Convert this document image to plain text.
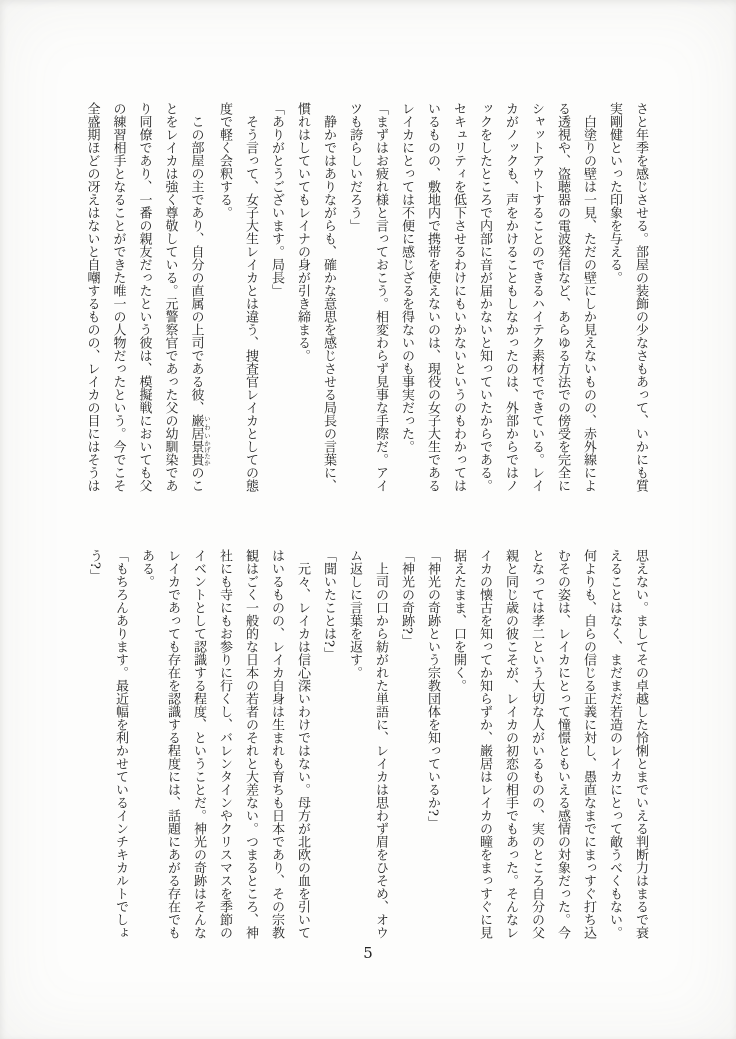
さと年季を感じさせる。部屋の装飾の少なさもあって、いかにも質

実剛健といった印象を与える。

白塗りの壁は一見、ただの壁にしか見えないものの、赤外線によ

る透視や、盗聴器の電波発信など、あらゆる方法での傍受を完全に

シャットアウトすることのできるハイテク素材でできている。レイ

カがノックも、声をかけることもしなかったのは、外部からではノ

ックをしたところで内部に音が届かないと知っていたからである。

セキュリティを低下させるわけにもいかないというのもわかっては

いるものの、敷地内で携帯を使えないのは、現役の女子大生である

レイカにとっては不便に感じざるを得ないのも事実だった。

「まずはお疲れ様と言っておこう。相変わらず見事な手際だ。アイ

ツも誇らしいだろう」

静かではありながらも、確かな意思を感じさせる局長の言葉に、

慣れはしていてもレイナの身が引き締まる。

「ありがとうございます。局長」

そう言って、女子大生レイカとは違う、捜査官レイカとしての態

度で軽く会釈する。

この部屋の主であり、自分の直属の上司である彼、巌居 いわい景貴 かげたかのこ

とをレイカは強く尊敬している。元警察官であった父の幼馴染であ

り同僚であり、一番の親友だったという彼は、模擬戦においても父

の練習相手となることができた唯一の人物だったという。今でこそ

全盛期ほどの冴えはないと自嘲するものの、レイカの目にはそうは

思えない。ましてその卓越した怜悧とまでいえる判断力はまるで衰

えることはなく、まだまだ若造のレイカにとって敵うべくもない。

何よりも、自らの信じる正義に対し、愚直なまでにまっすぐ打ち込

むその姿は、レイカにとって憧憬ともいえる感情の対象だった。今

となっては孝二という大切な人がいるものの、実のところ自分の父

親と同じ歳の彼こそが、レイカの初恋の相手でもあった。そんなレ

イカの懐古を知ってか知らずか、巌居はレイカの瞳をまっすぐに見

据えたまま、口を開く。

「神光の奇跡という宗教団体を知っているか?」

「神光の奇跡?」

上司の口から紡がれた単語に、レイカは思わず眉をひそめ、オウ

ム返しに言葉を返す。

「聞いたことは?」

元々、レイカは信心深いわけではない。母方が北欧の血を引いて

はいるものの、レイカ自身は生まれも育ちも日本であり、その宗教

観はごく一般的な日本の若者のそれと大差ない。つまるところ、神

社にも寺にもお参りに行くし、バレンタインやクリスマスを季節の

イベントとして認識する程度、ということだ。神光の奇跡はそんな

レイカであっても存在を認識する程度には、話題にあがる存在でも

ある。

「もちろんあります。最近幅を利かせているインチキカルトでしょ

う?」

5
